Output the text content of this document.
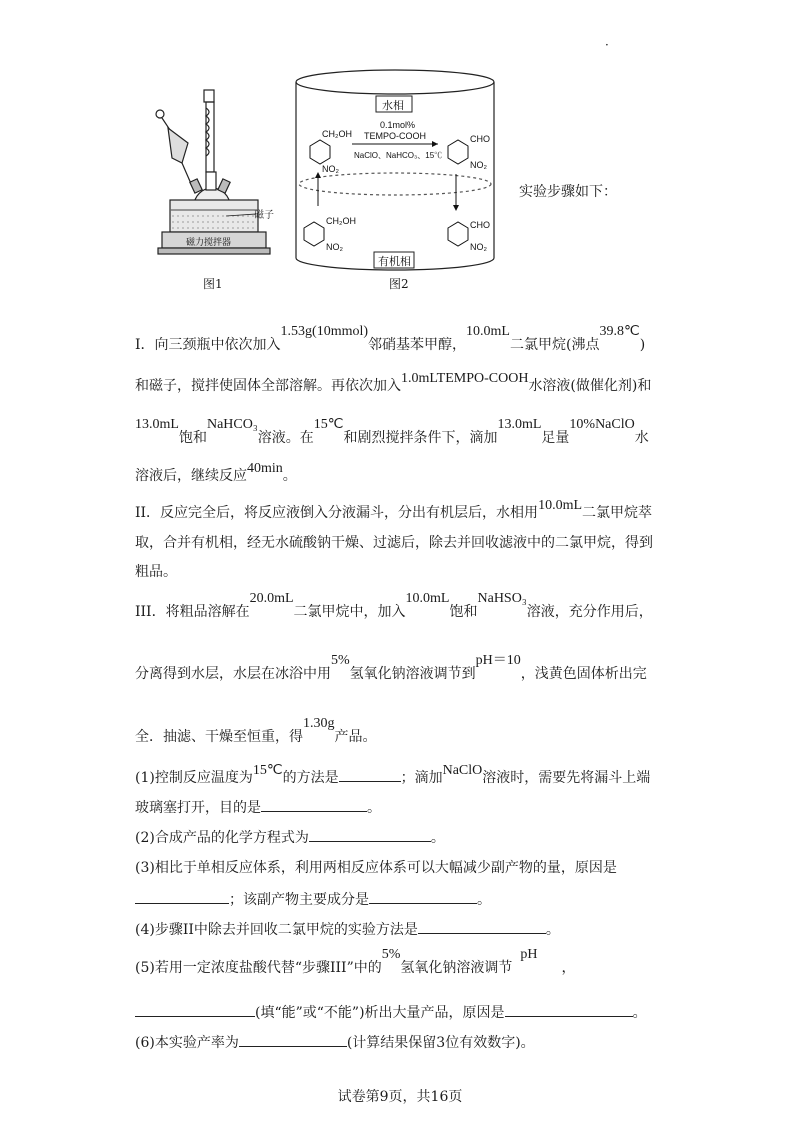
·
磁子
磁力搅拌器
图1
水相
有机相
0.1mol%
TEMPO-COOH
NaClO、NaHCO₃、15℃
CH₂OH
NO₂
CHO
NO₂
CH₂OH
NO₂
CHO
NO₂
图2
实验步骤如下：
I．向三颈瓶中依次加入1.53g(10mmol)邻硝基苯甲醇，10.0mL二氯甲烷(沸点39.8℃)
和磁子，搅拌使固体全部溶解。再依次加入1.0mLTEMPO-COOH水溶液(做催化剂)和
13.0mL饱和NaHCO₃溶液。在15℃和剧烈搅拌条件下，滴加13.0mL足量10%NaClO水
溶液后，继续反应40min。
II．反应完全后，将反应液倒入分液漏斗，分出有机层后，水相用10.0mL二氯甲烷萃
取，合并有机相，经无水硫酸钠干燥、过滤后，除去并回收滤液中的二氯甲烷，得到
粗品。
III．将粗品溶解在20.0mL二氯甲烷中，加入10.0mL饱和NaHSO₃溶液，充分作用后，
分离得到水层，水层在冰浴中用5%氢氧化钠溶液调节到pH＝10，浅黄色固体析出完
全．抽滤、干燥至恒重，得1.30g产品。
(1)控制反应温度为15℃的方法是	；滴加NaClO溶液时，需要先将漏斗上端
玻璃塞打开，目的是	。
(2)合成产品的化学方程式为	。
(3)相比于单相反应体系，利用两相反应体系可以大幅减少副产物的量，原因是
；该副产物主要成分是	。
(4)步骤II中除去并回收二氯甲烷的实验方法是	。
(5)若用一定浓度盐酸代替“步骤III”中的5%氢氧化钠溶液调节pH，
(填“能”或“不能”)析出大量产品，原因是	。
(6)本实验产率为	(计算结果保留3位有效数字)。
试卷第9页，共16页
